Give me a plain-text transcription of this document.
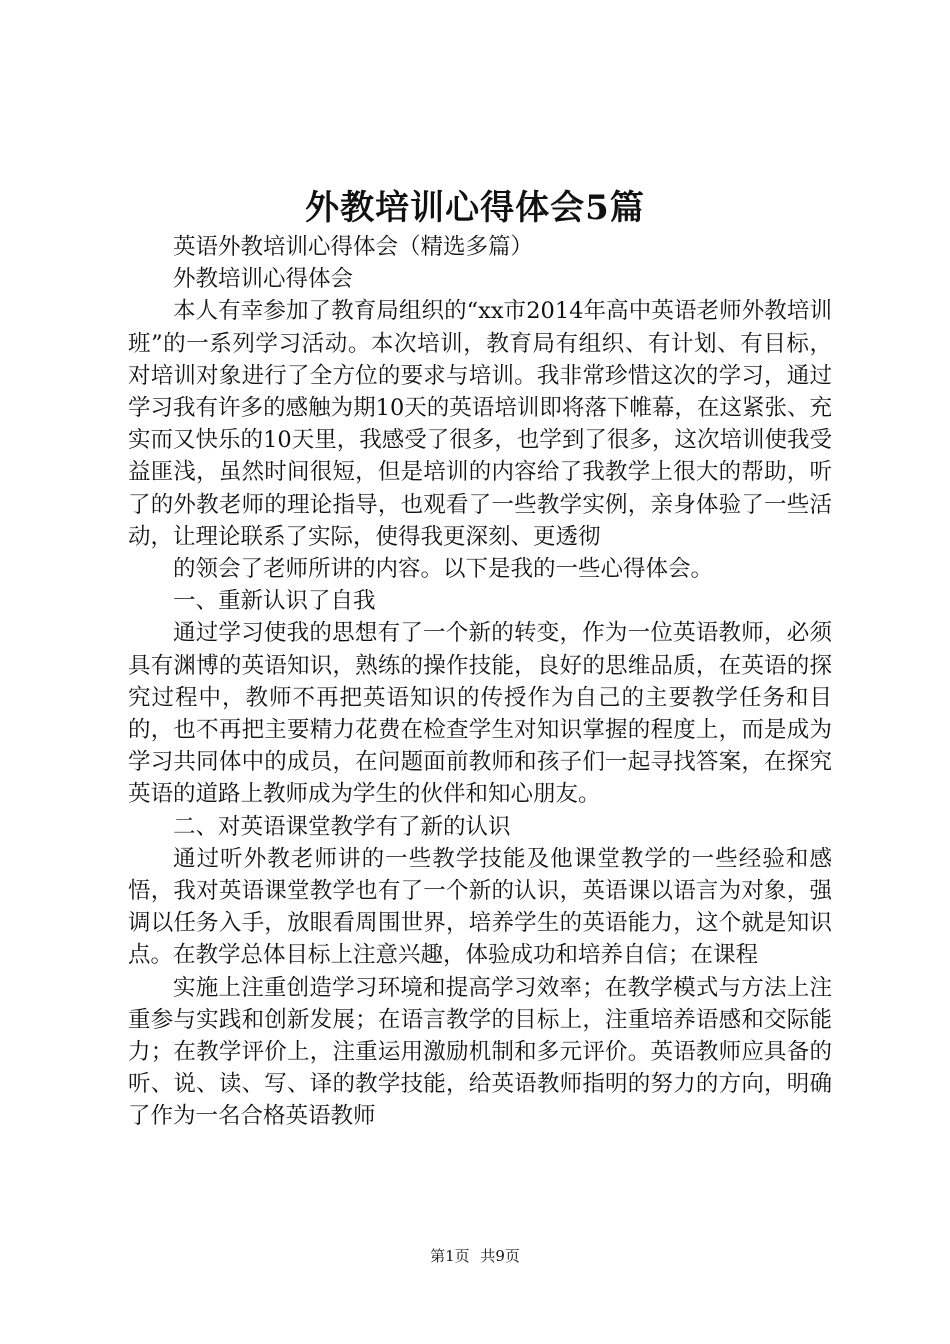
外教培训心得体会5篇

英语外教培训心得体会（精选多篇）

外教培训心得体会

本人有幸参加了教育局组织的“xx市2014年高中英语老师外教培训班”的一系列学习活动。本次培训，教育局有组织、有计划、有目标，对培训对象进行了全方位的要求与培训。我非常珍惜这次的学习，通过学习我有许多的感触为期10天的英语培训即将落下帷幕，在这紧张、充实而又快乐的10天里，我感受了很多，也学到了很多，这次培训使我受益匪浅，虽然时间很短，但是培训的内容给了我教学上很大的帮助，听了的外教老师的理论指导，也观看了一些教学实例，亲身体验了一些活动，让理论联系了实际，使得我更深刻、更透彻

的领会了老师所讲的内容。以下是我的一些心得体会。

一、重新认识了自我

通过学习使我的思想有了一个新的转变，作为一位英语教师，必须具有渊博的英语知识，熟练的操作技能，良好的思维品质，在英语的探究过程中，教师不再把英语知识的传授作为自己的主要教学任务和目的，也不再把主要精力花费在检查学生对知识掌握的程度上，而是成为学习共同体中的成员，在问题面前教师和孩子们一起寻找答案，在探究英语的道路上教师成为学生的伙伴和知心朋友。

二、对英语课堂教学有了新的认识

通过听外教老师讲的一些教学技能及他课堂教学的一些经验和感悟，我对英语课堂教学也有了一个新的认识，英语课以语言为对象，强调以任务入手，放眼看周围世界，培养学生的英语能力，这个就是知识点。在教学总体目标上注意兴趣，体验成功和培养自信；在课程

实施上注重创造学习环境和提高学习效率；在教学模式与方法上注重参与实践和创新发展；在语言教学的目标上，注重培养语感和交际能力；在教学评价上，注重运用激励机制和多元评价。英语教师应具备的听、说、读、写、译的教学技能，给英语教师指明的努力的方向，明确了作为一名合格英语教师

第1页 共9页
